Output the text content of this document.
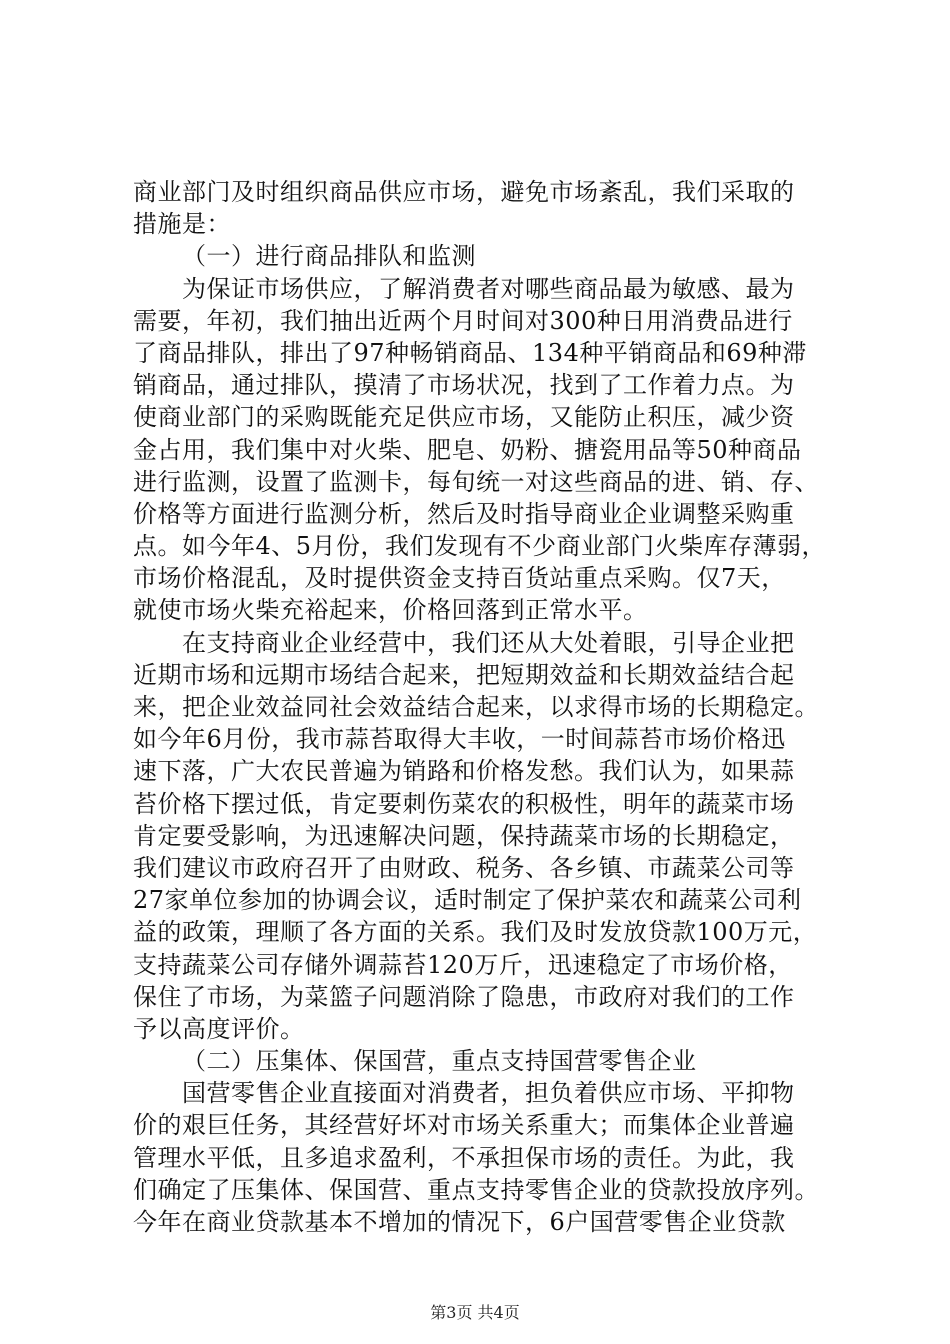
商业部门及时组织商品供应市场，避免市场紊乱，我们采取的
措施是：
（一）进行商品排队和监测
为保证市场供应，了解消费者对哪些商品最为敏感、最为
需要，年初，我们抽出近两个月时间对300种日用消费品进行
了商品排队，排出了97种畅销商品、134种平销商品和69种滞
销商品，通过排队，摸清了市场状况，找到了工作着力点。为
使商业部门的采购既能充足供应市场，又能防止积压，减少资
金占用，我们集中对火柴、肥皂、奶粉、搪瓷用品等50种商品
进行监测，设置了监测卡，每旬统一对这些商品的进、销、存、
价格等方面进行监测分析，然后及时指导商业企业调整采购重
点。如今年4、5月份，我们发现有不少商业部门火柴库存薄弱，
市场价格混乱，及时提供资金支持百货站重点采购。仅7天，
就使市场火柴充裕起来，价格回落到正常水平。
在支持商业企业经营中，我们还从大处着眼，引导企业把
近期市场和远期市场结合起来，把短期效益和长期效益结合起
来，把企业效益同社会效益结合起来，以求得市场的长期稳定。
如今年6月份，我市蒜苔取得大丰收，一时间蒜苔市场价格迅
速下落，广大农民普遍为销路和价格发愁。我们认为，如果蒜
苔价格下摆过低，肯定要刺伤菜农的积极性，明年的蔬菜市场
肯定要受影响，为迅速解决问题，保持蔬菜市场的长期稳定，
我们建议市政府召开了由财政、税务、各乡镇、市蔬菜公司等
27家单位参加的协调会议，适时制定了保护菜农和蔬菜公司利
益的政策，理顺了各方面的关系。我们及时发放贷款100万元，
支持蔬菜公司存储外调蒜苔120万斤，迅速稳定了市场价格，
保住了市场，为菜篮子问题消除了隐患，市政府对我们的工作
予以高度评价。
（二）压集体、保国营，重点支持国营零售企业
国营零售企业直接面对消费者，担负着供应市场、平抑物
价的艰巨任务，其经营好坏对市场关系重大；而集体企业普遍
管理水平低，且多追求盈利，不承担保市场的责任。为此，我
们确定了压集体、保国营、重点支持零售企业的贷款投放序列。
今年在商业贷款基本不增加的情况下，6户国营零售企业贷款
第3页 共4页
